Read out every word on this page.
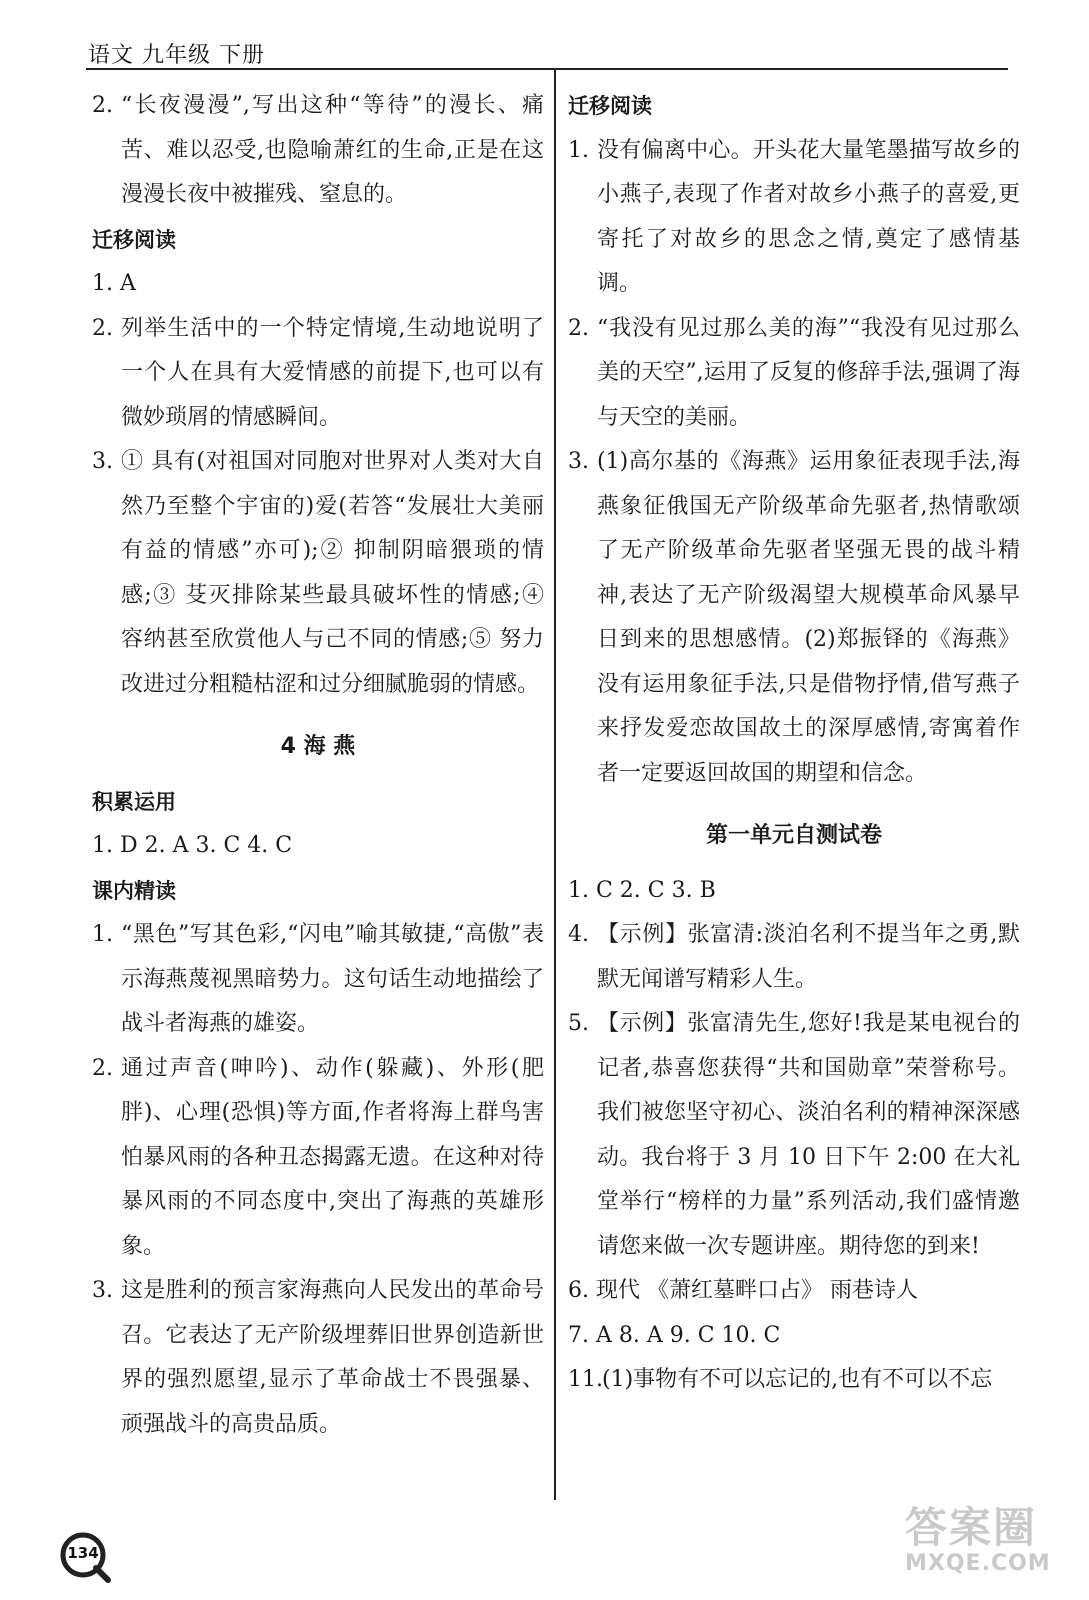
语文 九年级 下册

2. “长夜漫漫”,写出这种“等待”的漫长、痛苦、难以忍受,也隐喻萧红的生命,正是在这漫漫长夜中被摧残、窒息的。

迁移阅读

1. A

2. 列举生活中的一个特定情境,生动地说明了一个人在具有大爱情感的前提下,也可以有微妙琐屑的情感瞬间。

3. ① 具有(对祖国对同胞对世界对人类对大自然乃至整个宇宙的)爱(若答“发展壮大美丽有益的情感”亦可);② 抑制阴暗猥琐的情感;③ 芟灭排除某些最具破坏性的情感;④ 容纳甚至欣赏他人与己不同的情感;⑤ 努力改进过分粗糙枯涩和过分细腻脆弱的情感。

4 海 燕

积累运用

1. D 2. A 3. C 4. C

课内精读

1. “黑色”写其色彩,“闪电”喻其敏捷,“高傲”表示海燕蔑视黑暗势力。这句话生动地描绘了战斗者海燕的雄姿。

2. 通过声音(呻吟)、动作(躲藏)、外形(肥胖)、心理(恐惧)等方面,作者将海上群鸟害怕暴风雨的各种丑态揭露无遗。在这种对待暴风雨的不同态度中,突出了海燕的英雄形象。

3. 这是胜利的预言家海燕向人民发出的革命号召。它表达了无产阶级埋葬旧世界创造新世界的强烈愿望,显示了革命战士不畏强暴、顽强战斗的高贵品质。

迁移阅读

1. 没有偏离中心。开头花大量笔墨描写故乡的小燕子,表现了作者对故乡小燕子的喜爱,更寄托了对故乡的思念之情,奠定了感情基调。

2. “我没有见过那么美的海”“我没有见过那么美的天空”,运用了反复的修辞手法,强调了海与天空的美丽。

3. (1)高尔基的《海燕》运用象征表现手法,海燕象征俄国无产阶级革命先驱者,热情歌颂了无产阶级革命先驱者坚强无畏的战斗精神,表达了无产阶级渴望大规模革命风暴早日到来的思想感情。(2)郑振铎的《海燕》没有运用象征手法,只是借物抒情,借写燕子来抒发爱恋故国故土的深厚感情,寄寓着作者一定要返回故国的期望和信念。

第一单元自测试卷

1. C 2. C 3. B

4. 【示例】张富清:淡泊名利不提当年之勇,默默无闻谱写精彩人生。

5. 【示例】张富清先生,您好!我是某电视台的记者,恭喜您获得“共和国勋章”荣誉称号。我们被您坚守初心、淡泊名利的精神深深感动。我台将于 3 月 10 日下午 2:00 在大礼堂举行“榜样的力量”系列活动,我们盛情邀请您来做一次专题讲座。期待您的到来!

6. 现代 《萧红墓畔口占》 雨巷诗人

7. A 8. A 9. C 10. C

11. (1)事物有不可以忘记的,也有不可以不忘

134
答案圈
MXQE.COM
